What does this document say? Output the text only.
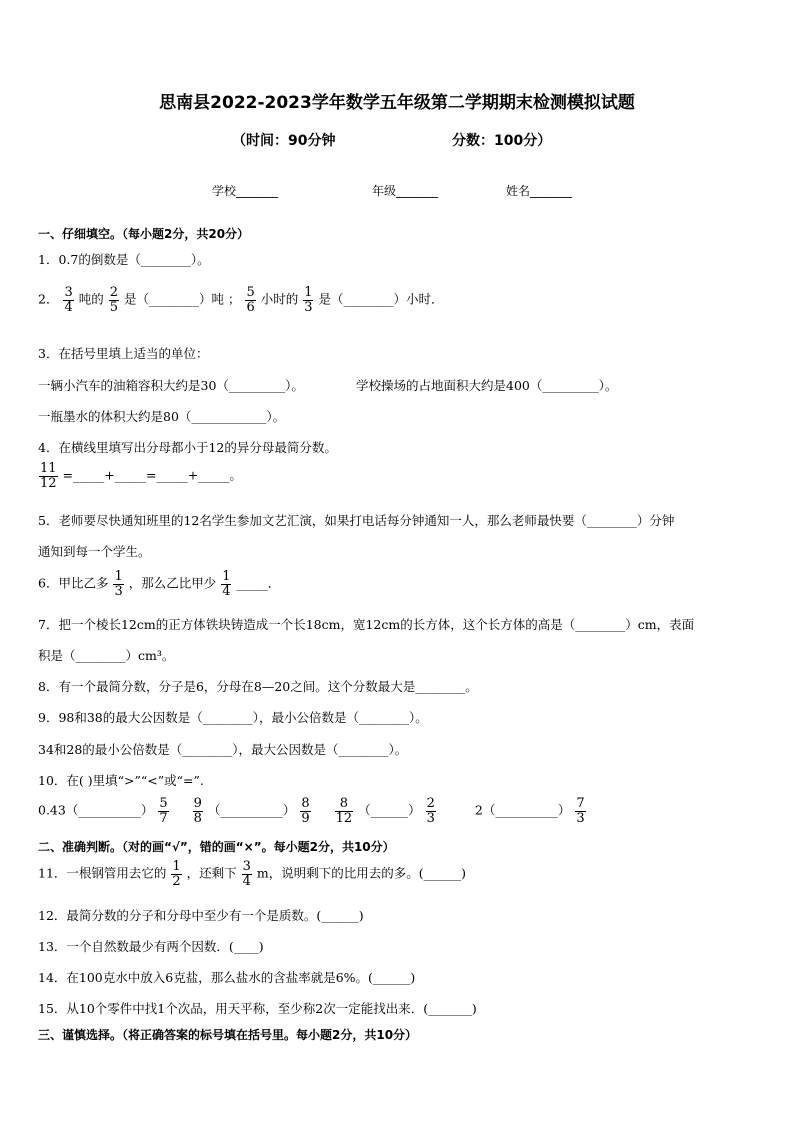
思南县2022-2023学年数学五年级第二学期期末检测模拟试题
（时间：90分钟	分数：100分）
学校_______	年级_______	姓名_______
一、仔细填空。（每小题2分，共20分）
1．0.7的倒数是（________）。
2． $\frac{3}{4}$ 吨的 $\frac{2}{5}$ 是（________）吨 ； $\frac{5}{6}$ 小时的 $\frac{1}{3}$ 是（________）小时．
3．在括号里填上适当的单位：
一辆小汽车的油箱容积大约是30（_________）。	学校操场的占地面积大约是400（_________）。
一瓶墨水的体积大约是80（____________）。
4．在横线里填写出分母都小于12的异分母最简分数。
$\frac{11}{12}$ =_____+_____=_____+_____。
5．老师要尽快通知班里的12名学生参加文艺汇演，如果打电话每分钟通知一人，那么老师最快要（________）分钟
通知到每一个学生。
6．甲比乙多 $\frac{1}{3}$ ，那么乙比甲少 $\frac{1}{4}$ _____．
7．把一个棱长12cm的正方体铁块铸造成一个长18cm，宽12cm的长方体，这个长方体的高是（________）cm，表面
积是（________）cm³。
8．有一个最简分数，分子是6，分母在8—20之间。这个分数最大是________。
9．98和38的最大公因数是（________），最小公倍数是（________）。
34和28的最小公倍数是（________），最大公因数是（________）。
10．在( )里填“>”“<”或“=”.
0.43（__________） $\frac{5}{7}$
$\frac{9}{8}$ （__________） $\frac{8}{9}$
$\frac{8}{12}$ （______） $\frac{2}{3}$	2（__________） $\frac{7}{3}$
二、准确判断。（对的画“√”，错的画“×”。每小题2分，共10分）
11．一根钢管用去它的 $\frac{1}{2}$ ，还剩下 $\frac{3}{4}$ m，说明剩下的比用去的多。(______)
12．最简分数的分子和分母中至少有一个是质数。(______)
13．一个自然数最少有两个因数．(____)
14．在100克水中放入6克盐，那么盐水的含盐率就是6%。(______)
15．从10个零件中找1个次品，用天平称，至少称2次一定能找出来．(_______)
三、谨慎选择。（将正确答案的标号填在括号里。每小题2分，共10分）
